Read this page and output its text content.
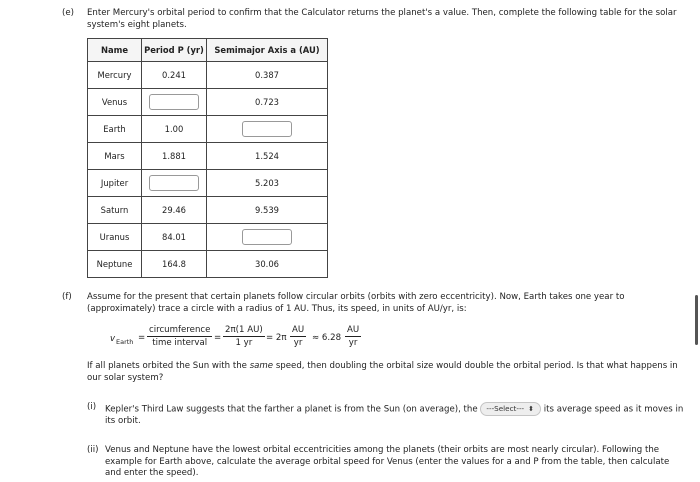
(e) Enter Mercury's orbital period to confirm that the Calculator returns the planet's a value. Then, complete the following table for the solar
system's eight planets.
Name	Period P (yr)	Semimajor Axis a (AU)
Mercury	0.241	0.387
Venus		0.723
Earth	1.00	
Mars	1.881	1.524
Jupiter		5.203
Saturn	29.46	9.539
Uranus	84.01	
Neptune	164.8	30.06
(f) Assume for the present that certain planets follow circular orbits (orbits with zero eccentricity). Now, Earth takes one year to
(approximately) trace a circle with a radius of 1 AU. Thus, its speed, in units of AU/yr, is:
v Earth =
circumference
time interval = $\frac{2\pi(1 AU)}{1 yr} = 2\pi \frac{AU}{yr} \approx 6.28 \frac{AU}{yr}$
If all planets orbited the Sun with the same speed, then doubling the orbital size would double the orbital period. Is that what happens in
our solar system?
(i) Kepler's Third Law suggests that the farther a planet is from the Sun (on average), the ---Select--- ⬍ its average speed as it moves in
its orbit.
(ii) Venus and Neptune have the lowest orbital eccentricities among the planets (their orbits are most nearly circular). Following the
example for Earth above, calculate the average orbital speed for Venus (enter the values for a and P from the table, then calculate
and enter the speed).
